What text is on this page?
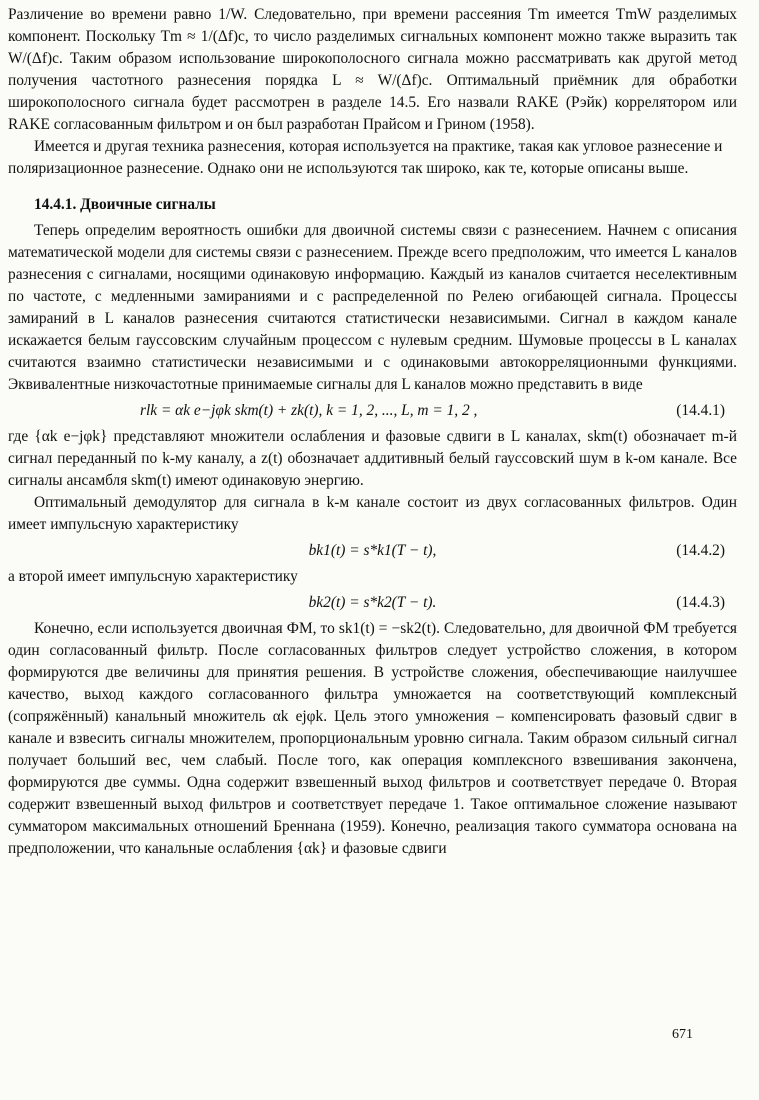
Различение во времени равно 1/W. Следовательно, при времени рассеяния Tm имеется TmW разделимых компонент. Поскольку Tm ≈ 1/(Δf)c, то число разделимых сигнальных компонент можно также выразить так W/(Δf)c. Таким образом использование широкополосного сигнала можно рассматривать как другой метод получения частотного разнесения порядка L ≈ W/(Δf)c. Оптимальный приёмник для обработки широкополосного сигнала будет рассмотрен в разделе 14.5. Его назвали RAKE (Рэйк) коррелятором или RAKE согласованным фильтром и он был разработан Прайсом и Грином (1958).

Имеется и другая техника разнесения, которая используется на практике, такая как угловое разнесение и поляризационное разнесение. Однако они не используются так широко, как те, которые описаны выше.

14.4.1. Двоичные сигналы

Теперь определим вероятность ошибки для двоичной системы связи с разнесением. Начнем с описания математической модели для системы связи с разнесением. Прежде всего предположим, что имеется L каналов разнесения с сигналами, носящими одинаковую информацию. Каждый из каналов считается неселективным по частоте, с медленными замираниями и с распределенной по Релею огибающей сигнала. Процессы замираний в L каналов разнесения считаются статистически независимыми. Сигнал в каждом канале искажается белым гауссовским случайным процессом с нулевым средним. Шумовые процессы в L каналах считаются взаимно статистически независимыми и с одинаковыми автокорреляционными функциями. Эквивалентные низкочастотные принимаемые сигналы для L каналов можно представить в виде

rlk = αk e−jφk skm(t) + zk(t), k = 1, 2, ..., L, m = 1, 2 ,	(14.4.1)

где {αk e−jφk} представляют множители ослабления и фазовые сдвиги в L каналах, skm(t) обозначает m-й сигнал переданный по k-му каналу, а z(t) обозначает аддитивный белый гауссовский шум в k-ом канале. Все сигналы ансамбля skm(t) имеют одинаковую энергию.

Оптимальный демодулятор для сигнала в k-м канале состоит из двух согласованных фильтров. Один имеет импульсную характеристику

bk1(t) = s*k1(T − t),	(14.4.2)

а второй имеет импульсную характеристику

bk2(t) = s*k2(T − t).	(14.4.3)

Конечно, если используется двоичная ФМ, то sk1(t) = −sk2(t). Следовательно, для двоичной ФМ требуется один согласованный фильтр. После согласованных фильтров следует устройство сложения, в котором формируются две величины для принятия решения. В устройстве сложения, обеспечивающие наилучшее качество, выход каждого согласованного фильтра умножается на соответствующий комплексный (сопряжённый) канальный множитель αk ejφk. Цель этого умножения – компенсировать фазовый сдвиг в канале и взвесить сигналы множителем, пропорциональным уровню сигнала. Таким образом сильный сигнал получает больший вес, чем слабый. После того, как операция комплексного взвешивания закончена, формируются две суммы. Одна содержит взвешенный выход фильтров и соответствует передаче 0. Вторая содержит взвешенный выход фильтров и соответствует передаче 1. Такое оптимальное сложение называют сумматором максимальных отношений Бреннана (1959). Конечно, реализация такого сумматора основана на предположении, что канальные ослабления {αk} и фазовые сдвиги

671
